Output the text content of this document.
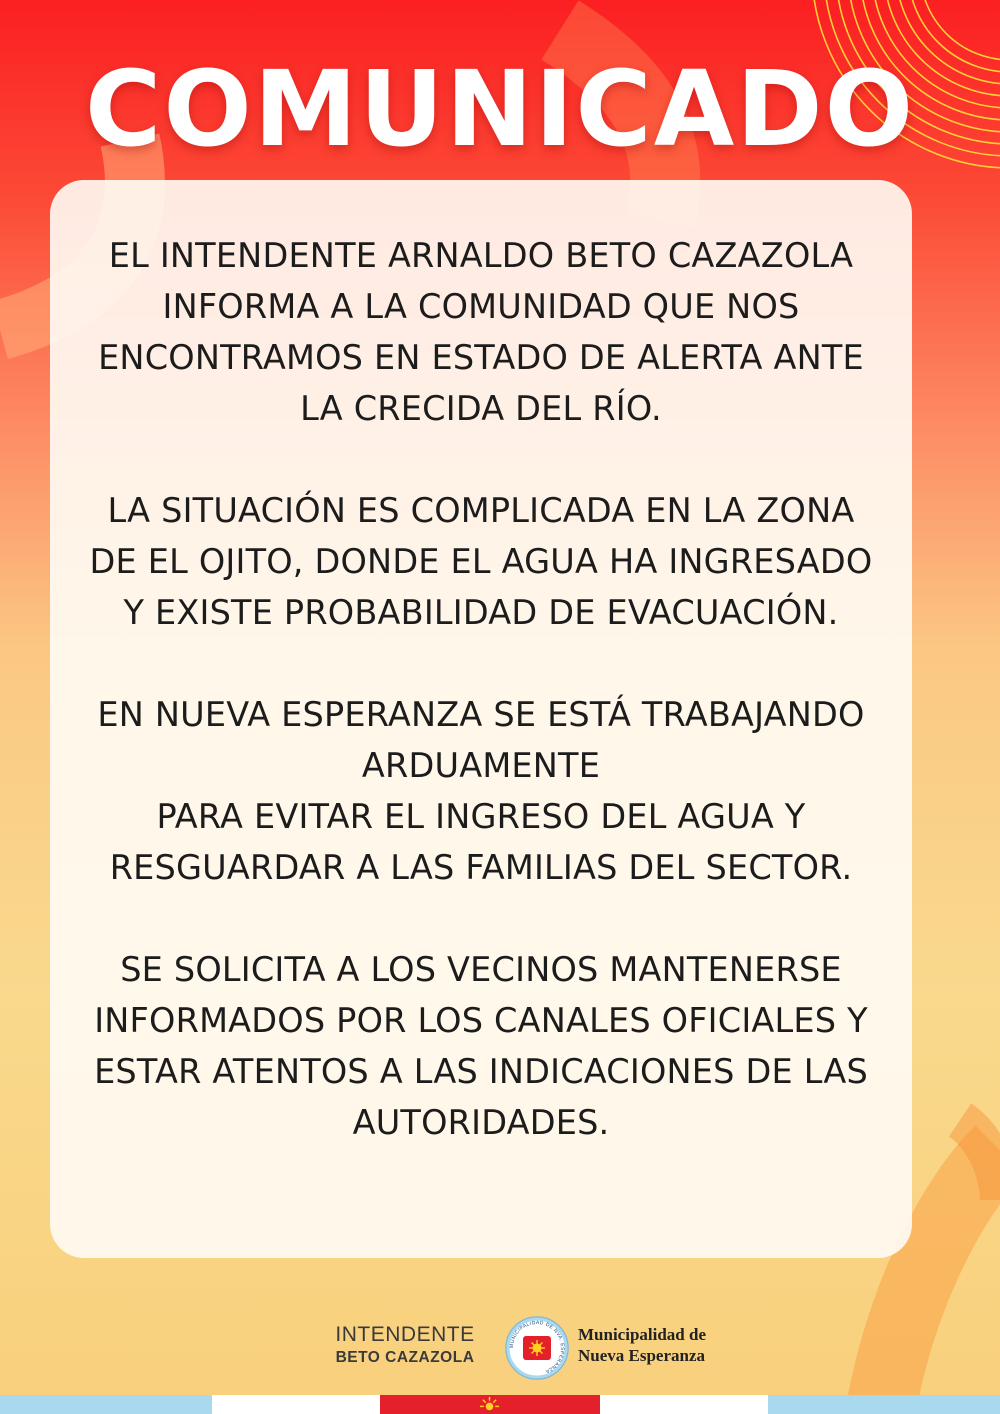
COMUNICADO
EL INTENDENTE ARNALDO BETO CAZAZOLA
INFORMA A LA COMUNIDAD QUE NOS
ENCONTRAMOS EN ESTADO DE ALERTA ANTE
LA CRECIDA DEL RÍO.
LA SITUACIÓN ES COMPLICADA EN LA ZONA
DE EL OJITO, DONDE EL AGUA HA INGRESADO
Y EXISTE PROBABILIDAD DE EVACUACIÓN.
EN NUEVA ESPERANZA SE ESTÁ TRABAJANDO
ARDUAMENTE
PARA EVITAR EL INGRESO DEL AGUA Y
RESGUARDAR A LAS FAMILIAS DEL SECTOR.
SE SOLICITA A LOS VECINOS MANTENERSE
INFORMADOS POR LOS CANALES OFICIALES Y
ESTAR ATENTOS A LAS INDICACIONES DE LAS
AUTORIDADES.
INTENDENTE
BETO CAZAZOLA
MUNICIPALIDAD DE NVA. ESPERANZA
Municipalidad de
Nueva Esperanza
